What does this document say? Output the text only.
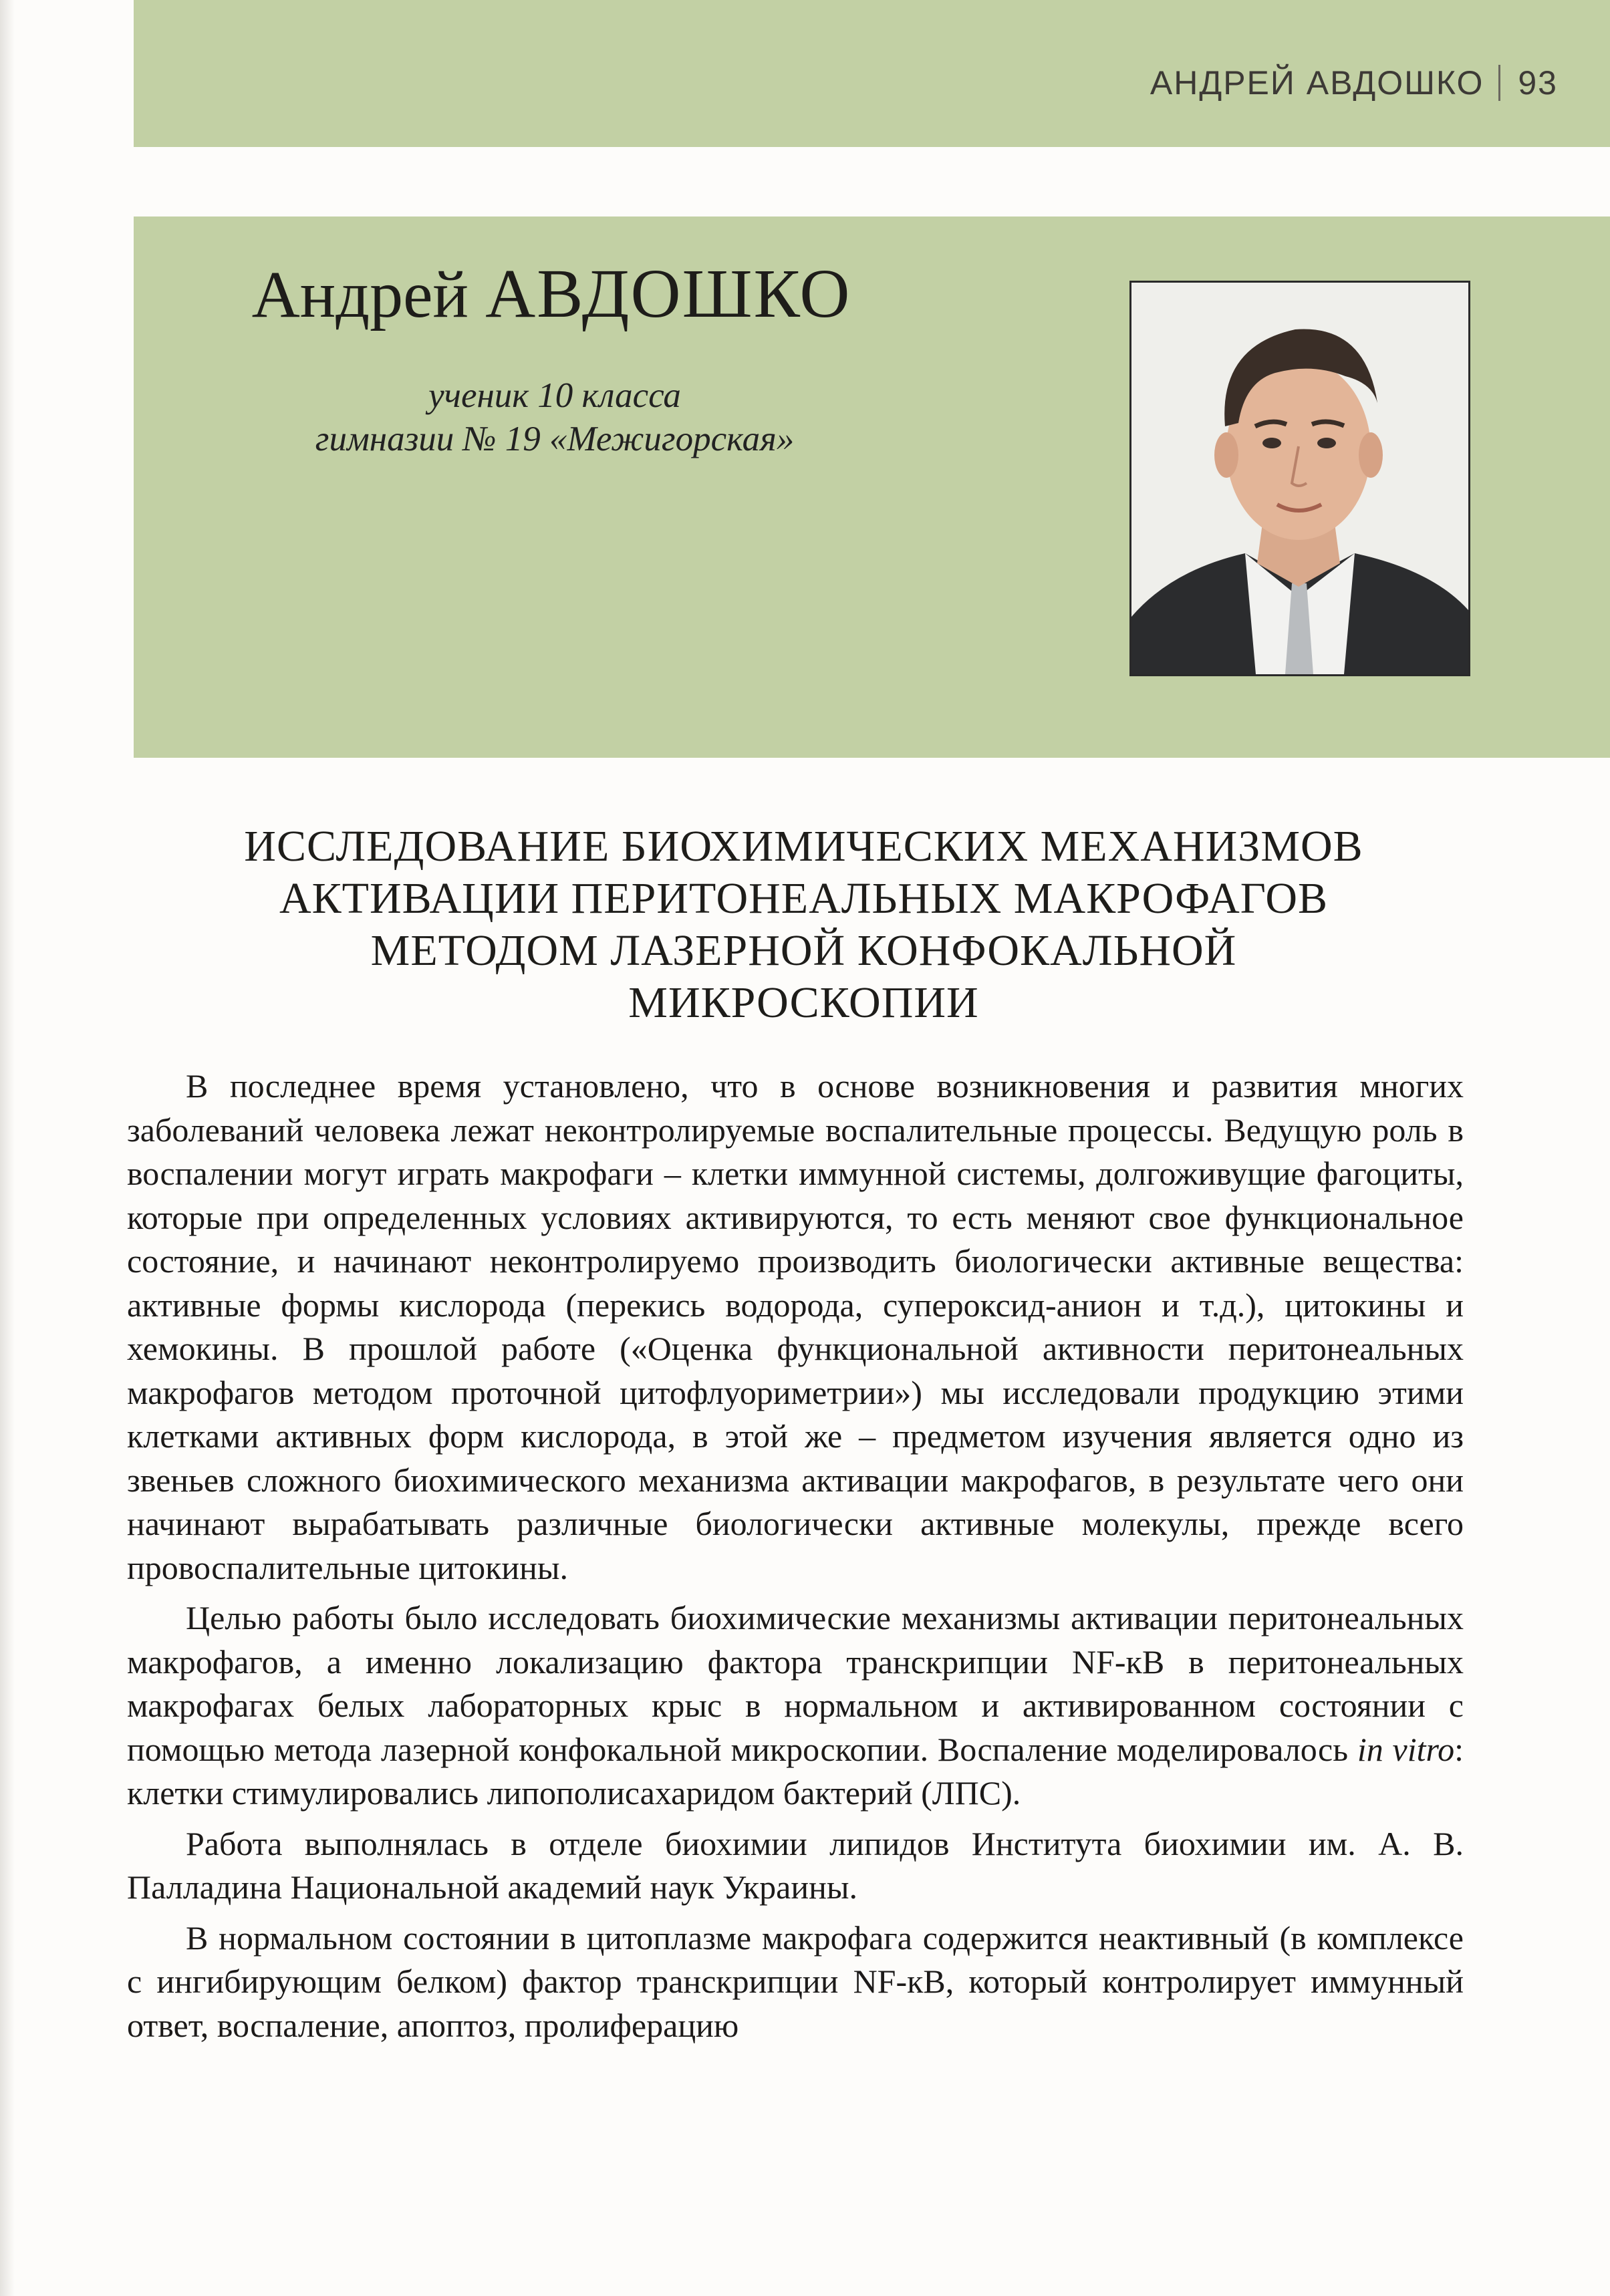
АНДРЕЙ АВДОШКО 93
Андрей АВДОШКО
ученик 10 класса
гимназии № 19 «Межигорская»
ИССЛЕДОВАНИЕ БИОХИМИЧЕСКИХ МЕХАНИЗМОВ
АКТИВАЦИИ ПЕРИТОНЕАЛЬНЫХ МАКРОФАГОВ
МЕТОДОМ ЛАЗЕРНОЙ КОНФОКАЛЬНОЙ
МИКРОСКОПИИ

В последнее время установлено, что в основе возникновения и развития многих заболеваний человека лежат неконтролируемые воспалительные процессы. Ведущую роль в воспалении могут играть макрофаги – клетки иммунной системы, долгоживущие фагоциты, которые при определенных условиях активируются, то есть меняют свое функциональное состояние, и начинают неконтролируемо производить биологически активные вещества: активные формы кислорода (перекись водорода, супероксид-анион и т.д.), цитокины и хемокины. В прошлой работе («Оценка функциональной активности перитонеальных макрофагов методом проточной цитофлуориметрии») мы исследовали продукцию этими клетками активных форм кислорода, в этой же – предметом изучения является одно из звеньев сложного биохимического механизма активации макрофагов, в результате чего они начинают вырабатывать различные биологически активные молекулы, прежде всего провоспалительные цитокины.

Целью работы было исследовать биохимические механизмы активации перитонеальных макрофагов, а именно локализацию фактора транскрипции NF-кВ в перитонеальных макрофагах белых лабораторных крыс в нормальном и активированном состоянии с помощью метода лазерной конфокальной микроскопии. Воспаление моделировалось in vitro: клетки стимулировались липополисахаридом бактерий (ЛПС).

Работа выполнялась в отделе биохимии липидов Института биохимии им. А. В. Палладина Национальной академий наук Украины.

В нормальном состоянии в цитоплазме макрофага содержится неактивный (в комплексе с ингибирующим белком) фактор транскрипции NF-кВ, который контролирует иммунный ответ, воспаление, апоптоз, пролиферацию
